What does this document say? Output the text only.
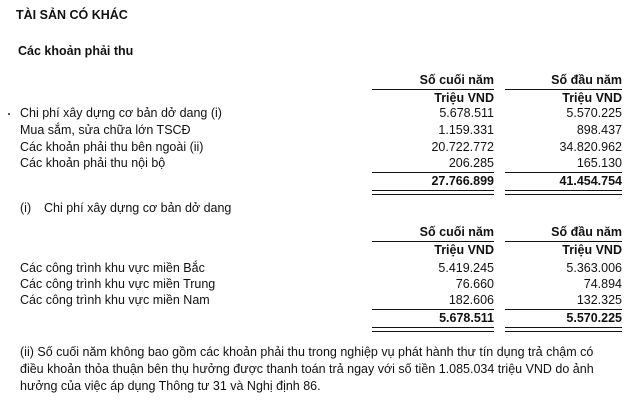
TÀI SẢN CÓ KHÁC
Các khoản phải thu
Số cuối năm	Số đầu năm
Triệu VND	Triệu VND
Chi phí xây dựng cơ bản dở dang (i)	5.678.511	5.570.225
Mua sắm, sửa chữa lớn TSCĐ	1.159.331	898.437
Các khoản phải thu bên ngoài (ii)	20.722.772	34.820.962
Các khoản phải thu nội bộ	206.285	165.130
27.766.899	41.454.754
(i) Chi phí xây dựng cơ bản dở dang
Số cuối năm	Số đầu năm
Triệu VND	Triệu VND
Các công trình khu vực miền Bắc	5.419.245	5.363.006
Các công trình khu vực miền Trung	76.660	74.894
Các công trình khu vực miền Nam	182.606	132.325
5.678.511	5.570.225
(ii) Số cuối năm không bao gồm các khoản phải thu trong nghiệp vụ phát hành thư tín dụng trả chậm có điều khoản thỏa thuận bên thụ hưởng được thanh toán trả ngay với số tiền 1.085.034 triệu VND do ảnh hưởng của việc áp dụng Thông tư 31 và Nghị định 86.
